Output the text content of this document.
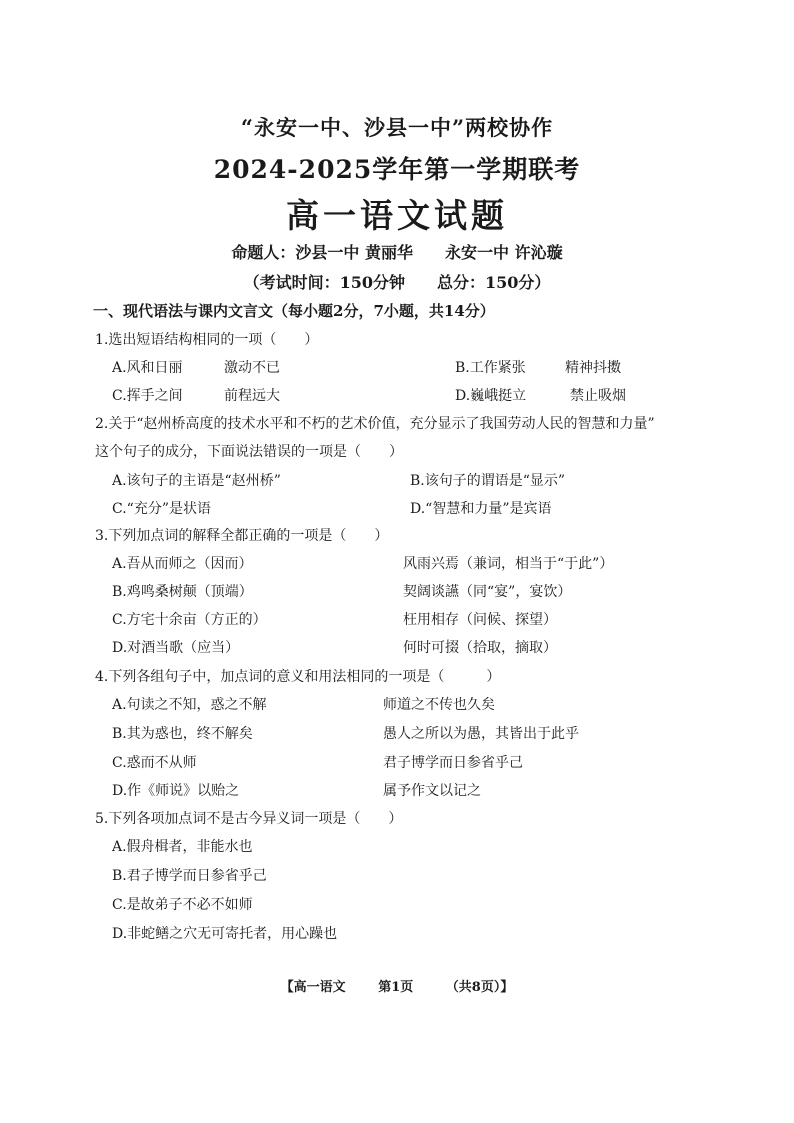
“永安一中、沙县一中”两校协作
2024-2025学年第一学期联考
高一语文试题
命题人：沙县一中 黄丽华　　永安一中 许沁璇
（考试时间：150分钟　　总分：150分）
一、现代语法与课内文言文（每小题2分，7小题，共14分）
1.选出短语结构相同的一项（　　）
A.风和日丽	激动不已	B.工作紧张	精神抖擞
C.挥手之间	前程远大	D.巍峨挺立	禁止吸烟
2.关于“赵州桥高度的技术水平和不朽的艺术价值，充分显示了我国劳动人民的智慧和力量”
这个句子的成分，下面说法错误的一项是（　　）
A.该句子的主语是“赵州桥”	B.该句子的谓语是“显示”
C.“充分”是状语	D.“智慧和力量”是宾语
3.下列加点词的解释全都正确的一项是（　　）
A.吾从而师之（因而）	风雨兴焉（兼词，相当于“于此”）
B.鸡鸣桑树颠（顶端）	契阔谈讌（同“宴”，宴饮）
C.方宅十余亩（方正的）	枉用相存（问候、探望）
D.对酒当歌（应当）	何时可掇（拾取，摘取）
4.下列各组句子中，加点词的意义和用法相同的一项是（　　　）
A.句读之不知，惑之不解	师道之不传也久矣
B.其为惑也，终不解矣	愚人之所以为愚，其皆出于此乎
C.惑而不从师	君子博学而日参省乎己
D.作《师说》以贻之	属予作文以记之
5.下列各项加点词不是古今异义词一项是（　　）
A.假舟楫者，非能水也
B.君子博学而日参省乎己
C.是故弟子不必不如师
D.非蛇鳝之穴无可寄托者，用心躁也
【高一语文	第1页	（共8页）】
